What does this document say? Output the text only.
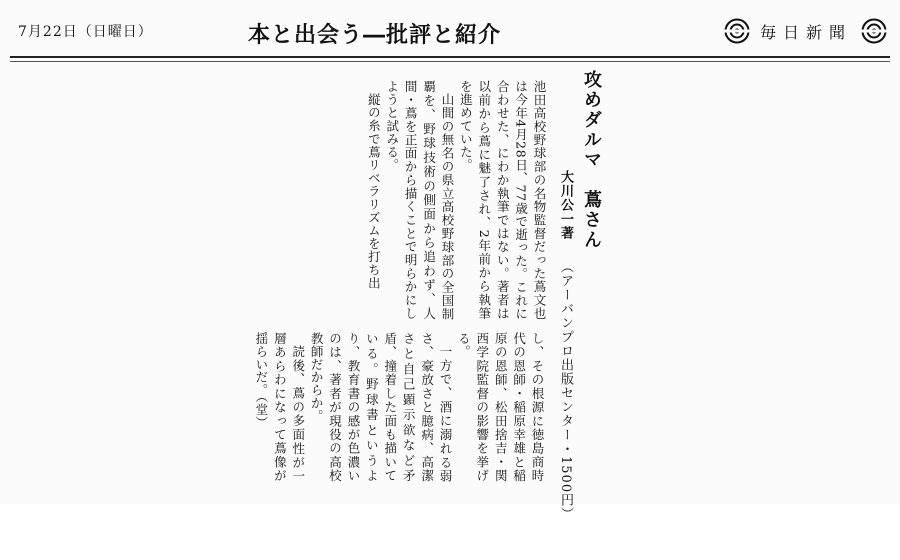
7月22日（日曜日）	本と出会う―批評と紹介	毎日新聞
攻めダルマ　蔦さん
大川公一著
（アーバンプロ出版センター・1500円）

池田高校野球部の名物監督だった蔦文也は今年4月28日、77歳で逝った。これに合わせた、にわか執筆ではない。著者は以前から蔦に魅了され、2年前から執筆を進めていた。

山間の無名の県立高校野球部の全国制覇を、野球技術の側面から追わず、人間・蔦を正面から描くことで明らかにしようと試みる。

縦の糸で蔦リベラリズムを打ち出

し、その根源に徳島商時代の恩師・稲原幸雄と稲原の恩師、松田捨吉・関西学院監督の影響を挙げる。

一方で、酒に溺れる弱さ、豪放さと臆病、高潔さと自己顕示欲など矛盾、撞着した面も描いている。野球書というより、教育書の感が色濃いのは、著者が現役の高校教師だからか。

読後、蔦の多面性が一層あらわになって蔦像が揺らいだ。（堂）
